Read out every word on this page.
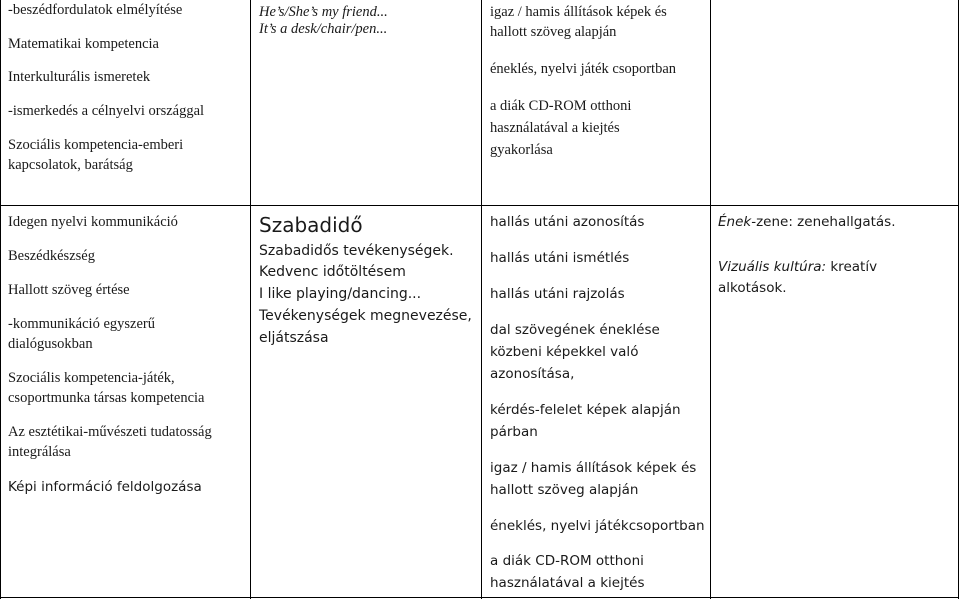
-beszédfordulatok elmélyítése
Matematikai kompetencia
Interkulturális ismeretek
-ismerkedés a célnyelvi országgal
Szociális kompetencia-emberi
kapcsolatok, barátság
He’s/She’s my friend...
It’s a desk/chair/pen...
igaz / hamis állítások képek és
hallott szöveg alapján
éneklés, nyelvi játék csoportban
a diák CD-ROM otthoni
használatával a kiejtés
gyakorlása
Idegen nyelvi kommunikáció
Beszédkészség
Hallott szöveg értése
-kommunikáció egyszerű
dialógusokban
Szociális kompetencia-játék,
csoportmunka társas kompetencia
Az esztétikai-művészeti tudatosság
integrálása
Képi információ feldolgozása
Szabadidő
Szabadidős tevékenységek.
Kedvenc időtöltésem
I like playing/dancing...
Tevékenységek megnevezése,
eljátszása
hallás utáni azonosítás
hallás utáni ismétlés
hallás utáni rajzolás
dal szövegének éneklése
közbeni képekkel való
azonosítása,
kérdés-felelet képek alapján
párban
igaz / hamis állítások képek és
hallott szöveg alapján
éneklés, nyelvi játékcsoportban
a diák CD-ROM otthoni
használatával a kiejtés
Ének-zene: zenehallgatás.
Vizuális kultúra: kreatív
alkotások.
